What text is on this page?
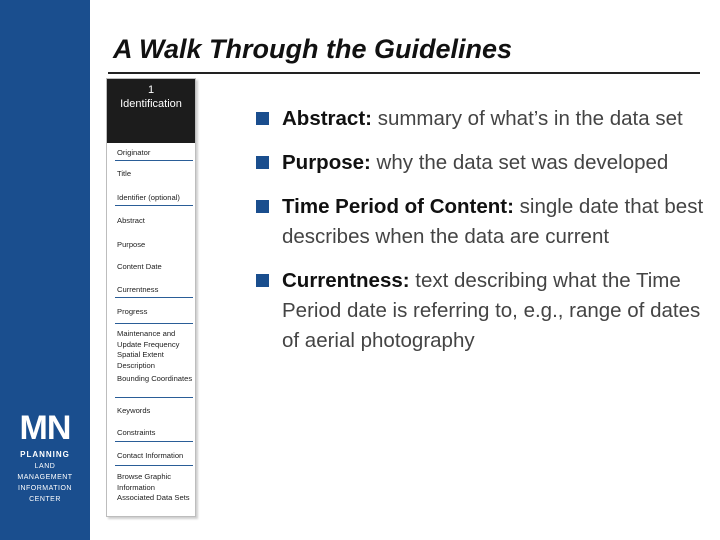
MN
PLANNING
LAND
MANAGEMENT
INFORMATION
CENTER
A Walk Through the Guidelines
1
Identification
Originator
Title
Identifier (optional)
Abstract
Purpose
Content Date
Currentness
Progress
Maintenance and Update Frequency
Spatial Extent Description
Bounding Coordinates
Keywords
Constraints
Contact Information
Browse Graphic Information
Associated Data Sets
Abstract: summary of what’s in the data set
Purpose: why the data set was developed
Time Period of Content: single date that best describes when the data are current
Currentness: text describing what the Time Period date is referring to, e.g., range of dates of aerial photography
